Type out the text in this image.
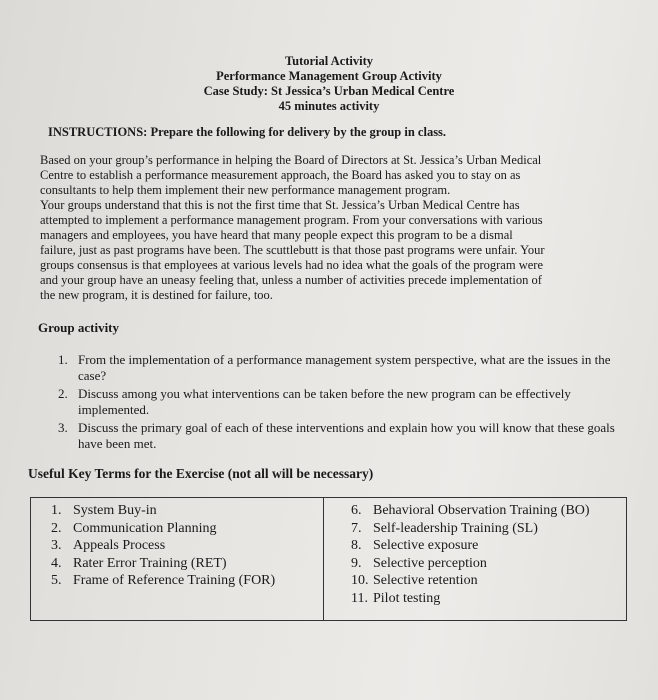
Tutorial Activity
Performance Management Group Activity
Case Study: St Jessica’s Urban Medical Centre
45 minutes activity
INSTRUCTIONS: Prepare the following for delivery by the group in class.

Based on your group’s performance in helping the Board of Directors at St. Jessica’s Urban Medical

Centre to establish a performance measurement approach, the Board has asked you to stay on as

consultants to help them implement their new performance management program.

Your groups understand that this is not the first time that St. Jessica’s Urban Medical Centre has

attempted to implement a performance management program. From your conversations with various

managers and employees, you have heard that many people expect this program to be a dismal

failure, just as past programs have been. The scuttlebutt is that those past programs were unfair. Your

groups consensus is that employees at various levels had no idea what the goals of the program were

and your group have an uneasy feeling that, unless a number of activities precede implementation of

the new program, it is destined for failure, too.

Group activity
1. From the implementation of a performance management system perspective, what are the issues in the case?
2. Discuss among you what interventions can be taken before the new program can be effectively implemented.
3. Discuss the primary goal of each of these interventions and explain how you will know that these goals have been met.
Useful Key Terms for the Exercise (not all will be necessary)
1. System Buy-in
2. Communication Planning
3. Appeals Process
4. Rater Error Training (RET)
5. Frame of Reference Training (FOR)
6. Behavioral Observation Training (BO)
7. Self-leadership Training (SL)
8. Selective exposure
9. Selective perception
10. Selective retention
11. Pilot testing
